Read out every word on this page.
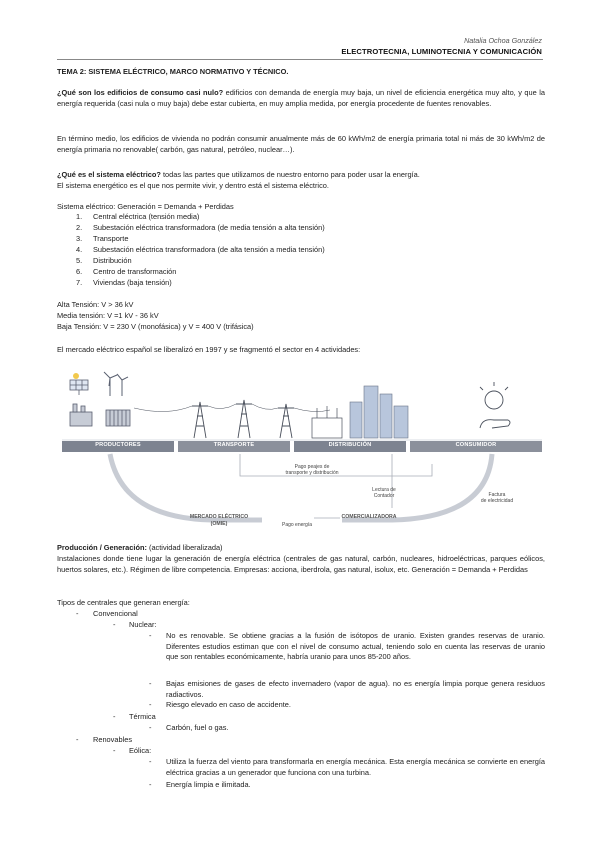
Natalia Ochoa González
ELECTROTECNIA, LUMINOTECNIA Y COMUNICACIÓN
TEMA 2: SISTEMA ELÉCTRICO, MARCO NORMATIVO Y TÉCNICO.
¿Qué son los edificios de consumo casi nulo? edificios con demanda de energía muy baja, un nivel de eficiencia energética muy alto, y que la energía requerida (casi nula o muy baja) debe estar cubierta, en muy amplia medida, por energía procedente de fuentes renovables.
En término medio, los edificios de vivienda no podrán consumir anualmente más de 60 kWh/m2 de energía primaria total ni más de 30 kWh/m2 de energía primaria no renovable( carbón, gas natural, petróleo, nuclear…).
¿Qué es el sistema eléctrico? todas las partes que utilizamos de nuestro entorno para poder usar la energía.
El sistema energético es el que nos permite vivir, y dentro está el sistema eléctrico.
Sistema eléctrico: Generación = Demanda + Perdidas
1. Central eléctrica (tensión media)
2. Subestación eléctrica transformadora (de media tensión a alta tensión)
3. Transporte
4. Subestación eléctrica transformadora (de alta tensión a media tensión)
5. Distribución
6. Centro de transformación
7. Viviendas (baja tensión)
Alta Tensión: V > 36 kV
Media tensión: V =1 kV - 36 kV
Baja Tensión: V = 230 V (monofásica) y V = 400 V (trifásica)
El mercado eléctrico español se liberalizó en 1997 y se fragmentó el sector en 4 actividades:
PRODUCTORES	TRANSPORTE	DISTRIBUCIÓN	CONSUMIDOR
Pago peajes de
transporte y distribución
Lectura de
Contador	Factura
de electricidad
MERCADO ELÉCTRICO
(OMIE)
COMERCIALIZADORA
Pago energía
Producción / Generación: (actividad liberalizada)
Instalaciones donde tiene lugar la generación de energía eléctrica (centrales de gas natural, carbón, nucleares, hidroeléctricas, parques eólicos, huertos solares, etc.). Régimen de libre competencia. Empresas: acciona, iberdrola, gas natural, isolux, etc. Generación = Demanda + Perdidas
Tipos de centrales que generan energía:
- Convencional
- Nuclear:
- No es renovable. Se obtiene gracias a la fusión de isótopos de uranio. Existen grandes reservas de uranio. Diferentes estudios estiman que con el nivel de consumo actual, teniendo solo en cuenta las reservas de uranio que son rentables económicamente, habría uranio para unos 85-200 años.
- Bajas emisiones de gases de efecto invernadero (vapor de agua). no es energía limpia porque genera residuos radiactivos.
- Riesgo elevado en caso de accidente.
- Térmica
- Carbón, fuel o gas.
- Renovables
- Eólica:
- Utiliza la fuerza del viento para transformarla en energía mecánica. Esta energía mecánica se convierte en energía eléctrica gracias a un generador que funciona con una turbina.
- Energía limpia e ilimitada.
